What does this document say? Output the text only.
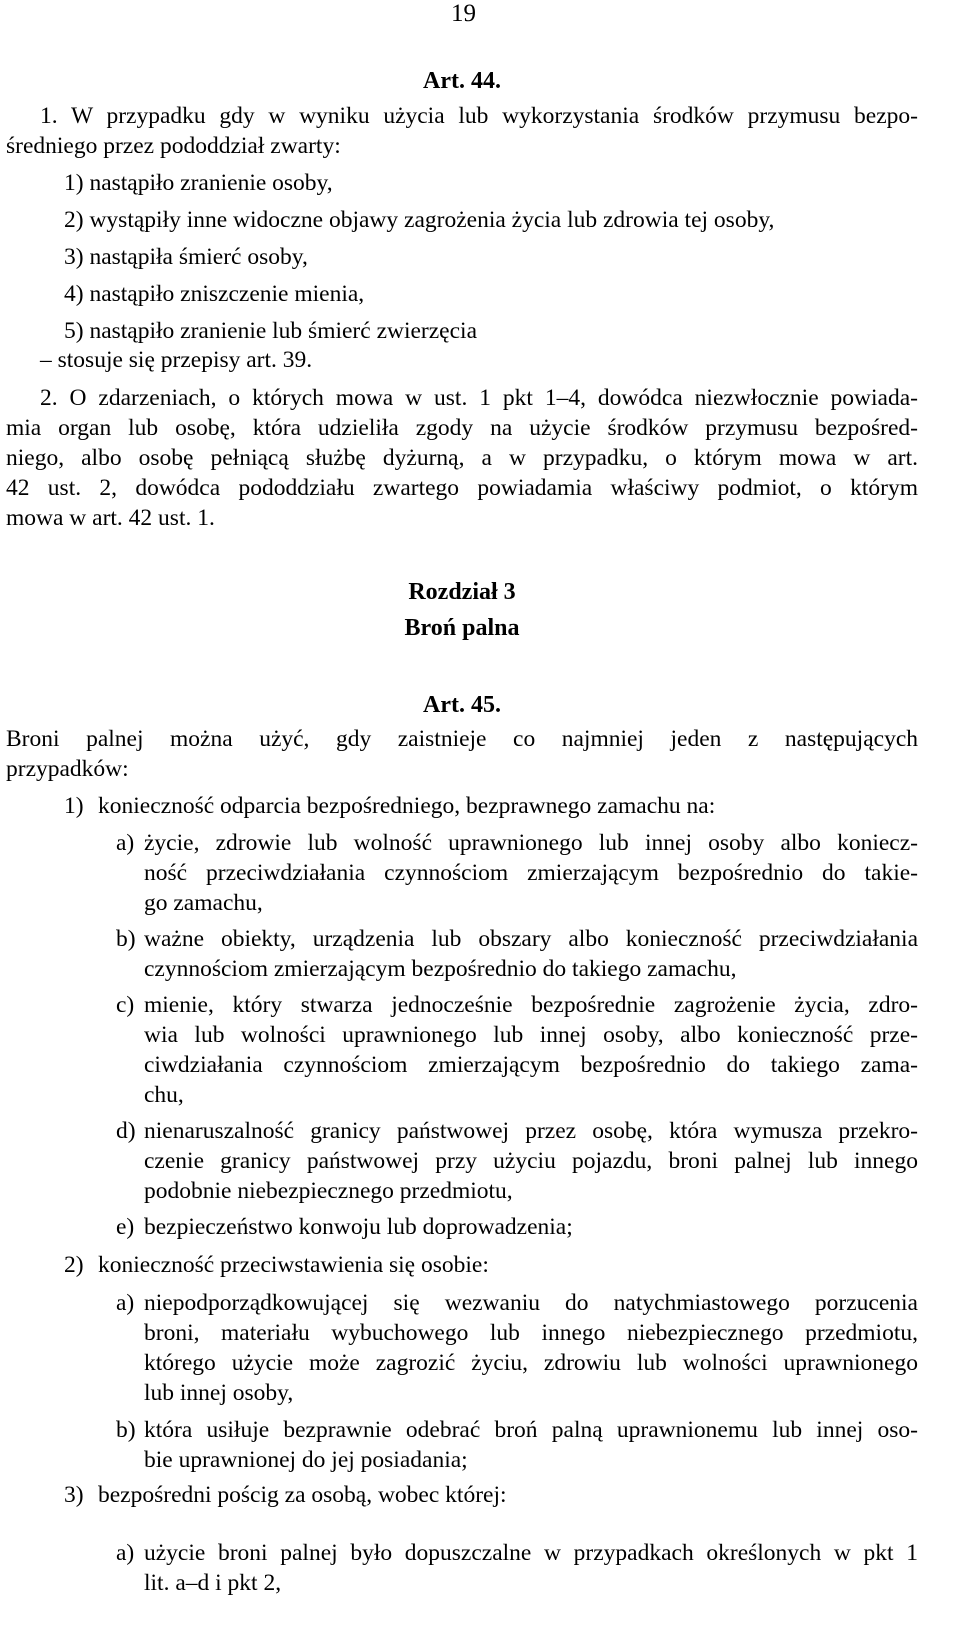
19
Art. 44.
1. W przypadku gdy w wyniku użycia lub wykorzystania środków przymusu bezpo-
średniego przez pododdział zwarty:
1) nastąpiło zranienie osoby,
2) wystąpiły inne widoczne objawy zagrożenia życia lub zdrowia tej osoby,
3) nastąpiła śmierć osoby,
4) nastąpiło zniszczenie mienia,
5) nastąpiło zranienie lub śmierć zwierzęcia
– stosuje się przepisy art. 39.
2. O zdarzeniach, o których mowa w ust. 1 pkt 1–4, dowódca niezwłocznie powiada-
mia organ lub osobę, która udzieliła zgody na użycie środków przymusu bezpośred-
niego, albo osobę pełniącą służbę dyżurną, a w przypadku, o którym mowa w art.
42 ust. 2, dowódca pododdziału zwartego powiadamia właściwy podmiot, o którym
mowa w art. 42 ust. 1.
Rozdział 3
Broń palna
Art. 45.
Broni palnej można użyć, gdy zaistnieje co najmniej jeden z następujących
przypadków:
1) konieczność odparcia bezpośredniego, bezprawnego zamachu na:
a) życie, zdrowie lub wolność uprawnionego lub innej osoby albo koniecz-
ność przeciwdziałania czynnościom zmierzającym bezpośrednio do takie-
go zamachu,
b) ważne obiekty, urządzenia lub obszary albo konieczność przeciwdziałania
czynnościom zmierzającym bezpośrednio do takiego zamachu,
c) mienie, który stwarza jednocześnie bezpośrednie zagrożenie życia, zdro-
wia lub wolności uprawnionego lub innej osoby, albo konieczność prze-
ciwdziałania czynnościom zmierzającym bezpośrednio do takiego zama-
chu,
d) nienaruszalność granicy państwowej przez osobę, która wymusza przekro-
czenie granicy państwowej przy użyciu pojazdu, broni palnej lub innego
podobnie niebezpiecznego przedmiotu,
e) bezpieczeństwo konwoju lub doprowadzenia;
2) konieczność przeciwstawienia się osobie:
a) niepodporządkowującej się wezwaniu do natychmiastowego porzucenia
broni, materiału wybuchowego lub innego niebezpiecznego przedmiotu,
którego użycie może zagrozić życiu, zdrowiu lub wolności uprawnionego
lub innej osoby,
b) która usiłuje bezprawnie odebrać broń palną uprawnionemu lub innej oso-
bie uprawnionej do jej posiadania;
3) bezpośredni pościg za osobą, wobec której:
a) użycie broni palnej było dopuszczalne w przypadkach określonych w pkt 1
lit. a–d i pkt 2,
